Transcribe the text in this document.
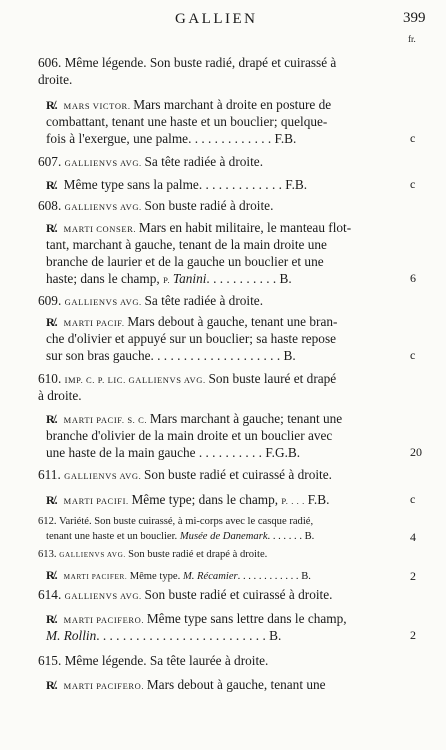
GALLIEN	399
fr.
606. Même légende. Son buste radié, drapé et cuirassé à
droite.
R̸. MARS VICTOR. Mars marchant à droite en posture de
combattant, tenant une haste et un bouclier; quelque-
fois à l'exergue, une palme. . . . . . . . . . . . . F.B.
607. GALLIENVS AVG. Sa tête radiée à droite.
R̸. Même type sans la palme. . . . . . . . . . . . . F.B.
608. GALLIENVS AVG. Son buste radié à droite.
R̸. MARTI CONSER. Mars en habit militaire, le manteau flot-
tant, marchant à gauche, tenant de la main droite une
branche de laurier et de la gauche un bouclier et une
haste; dans le champ, P. Tanini. . . . . . . . . . . B.
609. GALLIENVS AVG. Sa tête radiée à droite.
R̸. MARTI PACIF. Mars debout à gauche, tenant une bran-
che d'olivier et appuyé sur un bouclier; sa haste repose
sur son bras gauche. . . . . . . . . . . . . . . . . . . . B.
610. IMP. C. P. LIC. GALLIENVS AVG. Son buste lauré et drapé
à droite.
R̸. MARTI PACIF. S. C. Mars marchant à gauche; tenant une
branche d'olivier de la main droite et un bouclier avec
une haste de la main gauche . . . . . . . . . . F.G.B.
611. GALLIENVS AVG. Son buste radié et cuirassé à droite.
R̸. MARTI PACIFI. Même type; dans le champ, P. . . . F.B.
612. Variété. Son buste cuirassé, à mi-corps avec le casque radié,
tenant une haste et un bouclier. Musée de Danemark. . . . . . . B.
613. GALLIENVS AVG. Son buste radié et drapé à droite.
R̸. MARTI PACIFER. Même type. M. Récamier. . . . . . . . . . . . B.
614. GALLIENVS AVG. Son buste radié et cuirassé à droite.
R̸. MARTI PACIFERO. Même type sans lettre dans le champ,
M. Rollin. . . . . . . . . . . . . . . . . . . . . . . . . . B.
615. Même légende. Sa tête laurée à droite.
R̸. MARTI PACIFERO. Mars debout à gauche, tenant une
c
c
6
c
20
c
4
2
2
